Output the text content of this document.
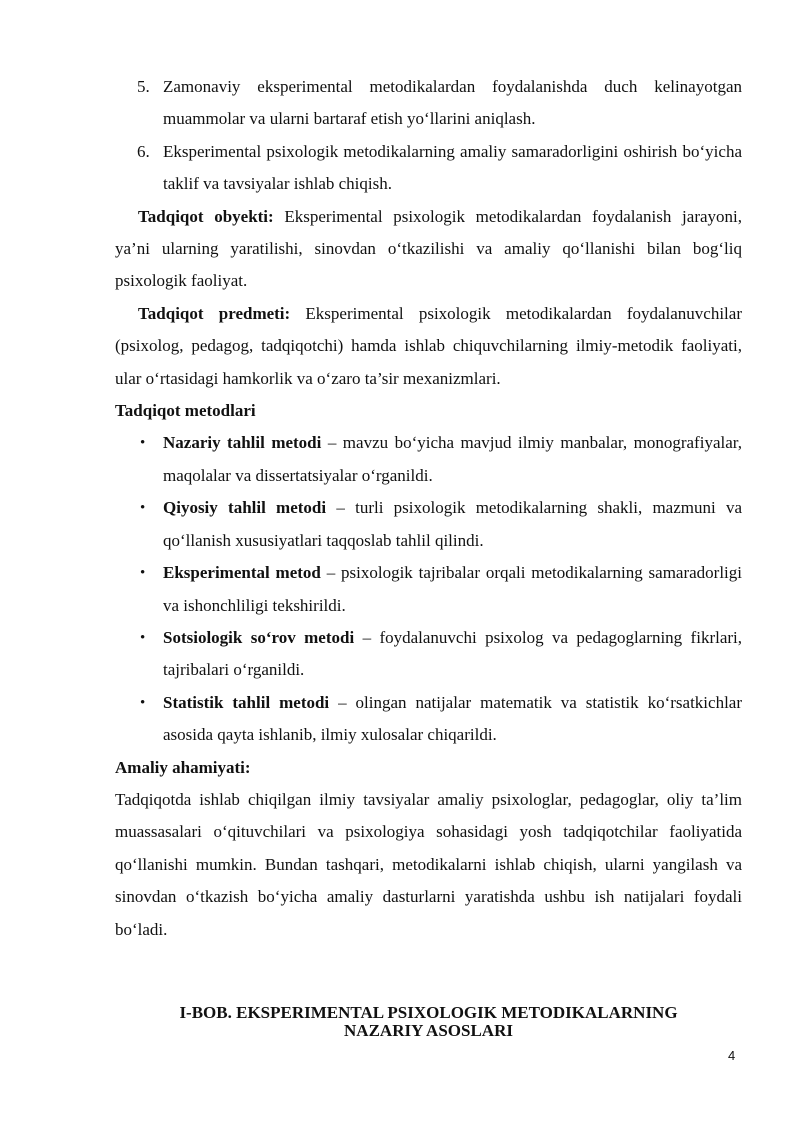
5. Zamonaviy eksperimental metodikalardan foydalanishda duch kelinayotgan muammolar va ularni bartaraf etish yo‘llarini aniqlash.
6. Eksperimental psixologik metodikalarning amaliy samaradorligini oshirish bo‘yicha taklif va tavsiyalar ishlab chiqish.

Tadqiqot obyekti: Eksperimental psixologik metodikalardan foydalanish jarayoni, ya’ni ularning yaratilishi, sinovdan o‘tkazilishi va amaliy qo‘llanishi bilan bog‘liq psixologik faoliyat.

Tadqiqot predmeti: Eksperimental psixologik metodikalardan foydalanuvchilar (psixolog, pedagog, tadqiqotchi) hamda ishlab chiquvchilarning ilmiy-metodik faoliyati, ular o‘rtasidagi hamkorlik va o‘zaro ta’sir mexanizmlari.

Tadqiqot metodlari

• Nazariy tahlil metodi – mavzu bo‘yicha mavjud ilmiy manbalar, monografiyalar, maqolalar va dissertatsiyalar o‘rganildi.
• Qiyosiy tahlil metodi – turli psixologik metodikalarning shakli, mazmuni va qo‘llanish xususiyatlari taqqoslab tahlil qilindi.
• Eksperimental metod – psixologik tajribalar orqali metodikalarning samaradorligi va ishonchliligi tekshirildi.
• Sotsiologik so‘rov metodi – foydalanuvchi psixolog va pedagoglarning fikrlari, tajribalari o‘rganildi.
• Statistik tahlil metodi – olingan natijalar matematik va statistik ko‘rsatkichlar asosida qayta ishlanib, ilmiy xulosalar chiqarildi.

Amaliy ahamiyati:

Tadqiqotda ishlab chiqilgan ilmiy tavsiyalar amaliy psixologlar, pedagoglar, oliy ta’lim muassasalari o‘qituvchilari va psixologiya sohasidagi yosh tadqiqotchilar faoliyatida qo‘llanishi mumkin. Bundan tashqari, metodikalarni ishlab chiqish, ularni yangilash va sinovdan o‘tkazish bo‘yicha amaliy dasturlarni yaratishda ushbu ish natijalari foydali bo‘ladi.

I-BOB. EKSPERIMENTAL PSIXOLOGIK METODIKALARNING
NAZARIY ASOSLARI
4
